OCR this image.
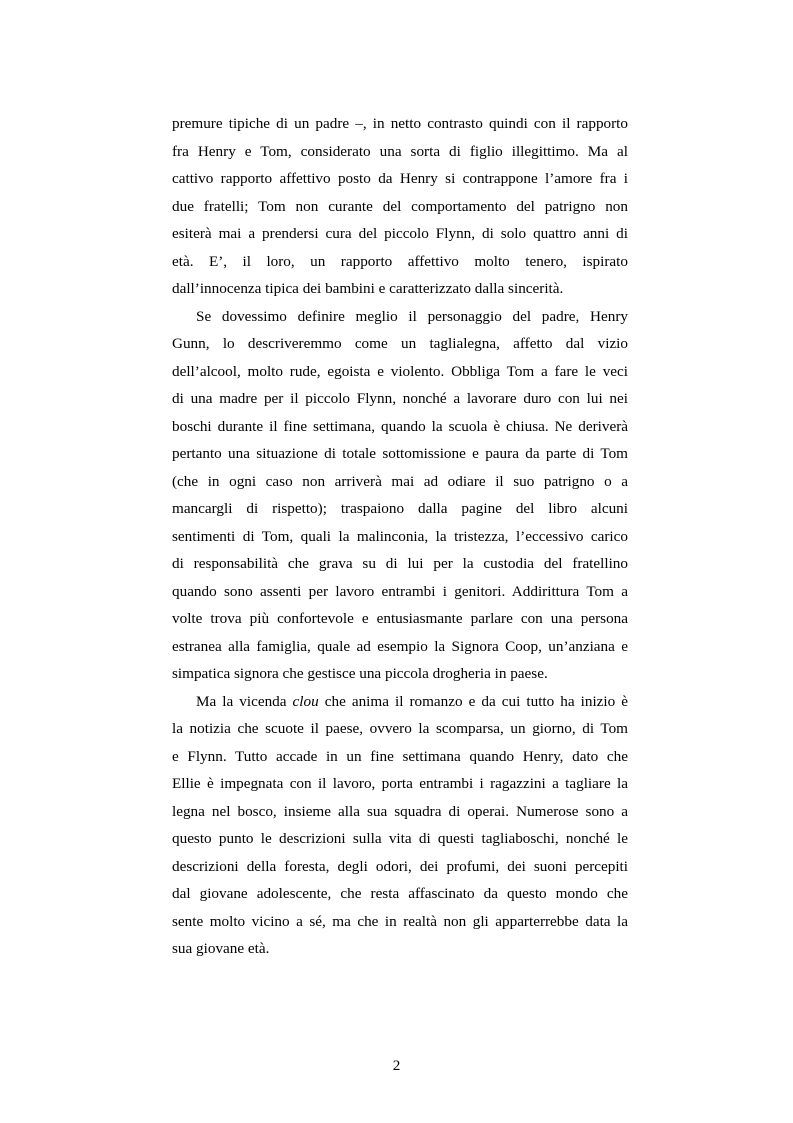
premure tipiche di un padre –, in netto contrasto quindi con il rapporto
fra Henry e Tom, considerato una sorta di figlio illegittimo. Ma al
cattivo rapporto affettivo posto da Henry si contrappone l’amore fra i
due fratelli; Tom non curante del comportamento del patrigno non
esiterà mai a prendersi cura del piccolo Flynn, di solo quattro anni di
età. E’, il loro, un rapporto affettivo molto tenero, ispirato
dall’innocenza tipica dei bambini e caratterizzato dalla sincerità.
Se dovessimo definire meglio il personaggio del padre, Henry
Gunn, lo descriveremmo come un taglialegna, affetto dal vizio
dell’alcool, molto rude, egoista e violento. Obbliga Tom a fare le veci
di una madre per il piccolo Flynn, nonché a lavorare duro con lui nei
boschi durante il fine settimana, quando la scuola è chiusa. Ne deriverà
pertanto una situazione di totale sottomissione e paura da parte di Tom
(che in ogni caso non arriverà mai ad odiare il suo patrigno o a
mancargli di rispetto); traspaiono dalla pagine del libro alcuni
sentimenti di Tom, quali la malinconia, la tristezza, l’eccessivo carico
di responsabilità che grava su di lui per la custodia del fratellino
quando sono assenti per lavoro entrambi i genitori. Addirittura Tom a
volte trova più confortevole e entusiasmante parlare con una persona
estranea alla famiglia, quale ad esempio la Signora Coop, un’anziana e
simpatica signora che gestisce una piccola drogheria in paese.
Ma la vicenda clou che anima il romanzo e da cui tutto ha inizio è
la notizia che scuote il paese, ovvero la scomparsa, un giorno, di Tom
e Flynn. Tutto accade in un fine settimana quando Henry, dato che
Ellie è impegnata con il lavoro, porta entrambi i ragazzini a tagliare la
legna nel bosco, insieme alla sua squadra di operai. Numerose sono a
questo punto le descrizioni sulla vita di questi tagliaboschi, nonché le
descrizioni della foresta, degli odori, dei profumi, dei suoni percepiti
dal giovane adolescente, che resta affascinato da questo mondo che
sente molto vicino a sé, ma che in realtà non gli apparterrebbe data la
sua giovane età.
2
